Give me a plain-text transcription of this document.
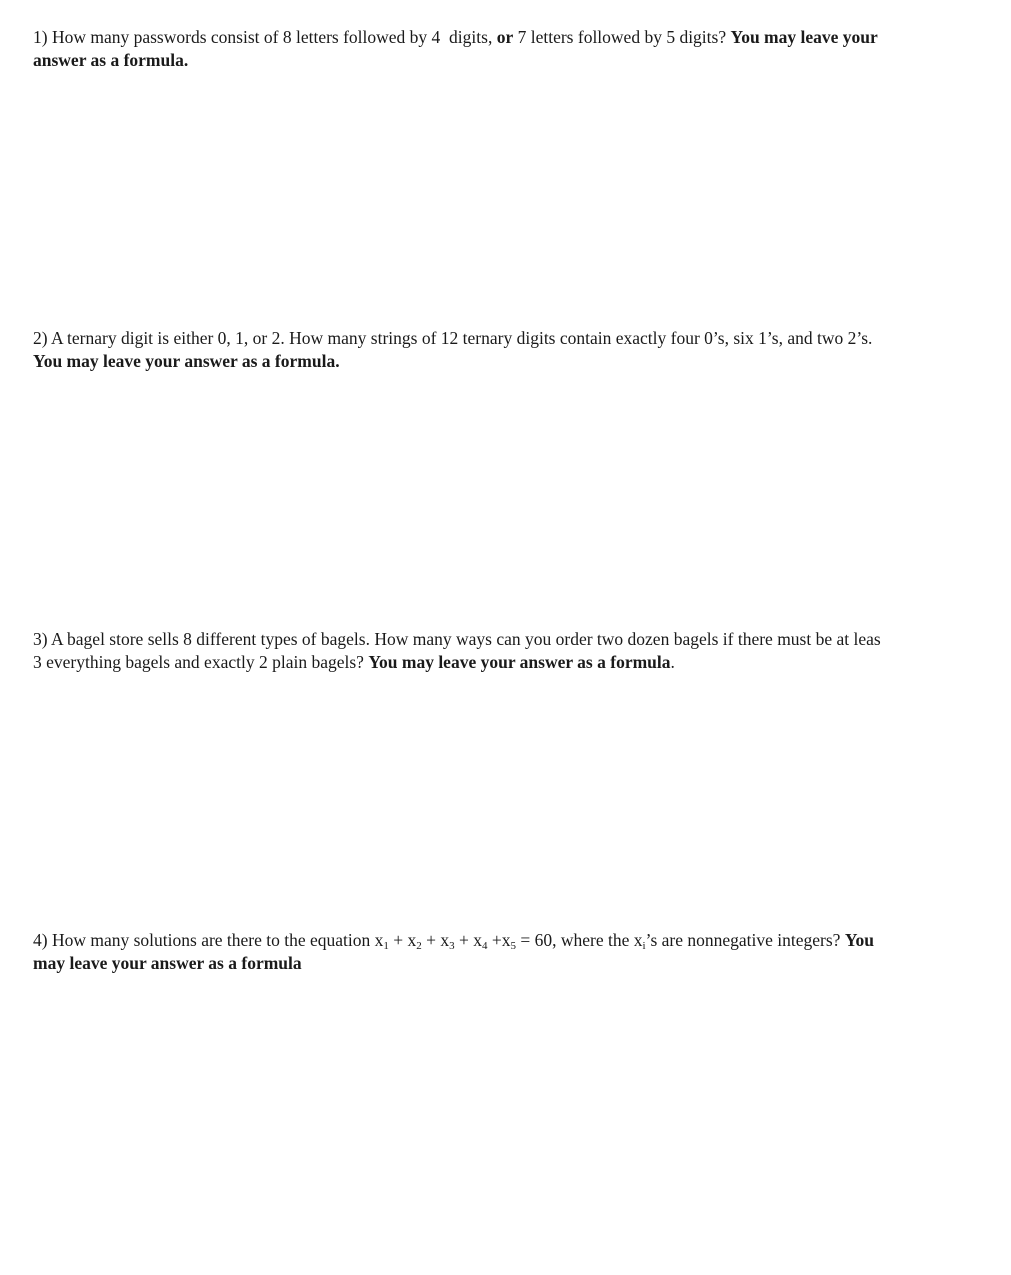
1) How many passwords consist of 8 letters followed by 4  digits, or 7 letters followed by 5 digits? You may leave your
answer as a formula.

2) A ternary digit is either 0, 1, or 2. How many strings of 12 ternary digits contain exactly four 0’s, six 1’s, and two 2’s.
You may leave your answer as a formula.

3) A bagel store sells 8 different types of bagels. How many ways can you order two dozen bagels if there must be at leas
3 everything bagels and exactly 2 plain bagels? You may leave your answer as a formula.

4) How many solutions are there to the equation $x_1 + x_2 + x_3 + x_4 +x_5 = 60$, where the $x_i’s$ are nonnegative integers? You
may leave your answer as a formula
